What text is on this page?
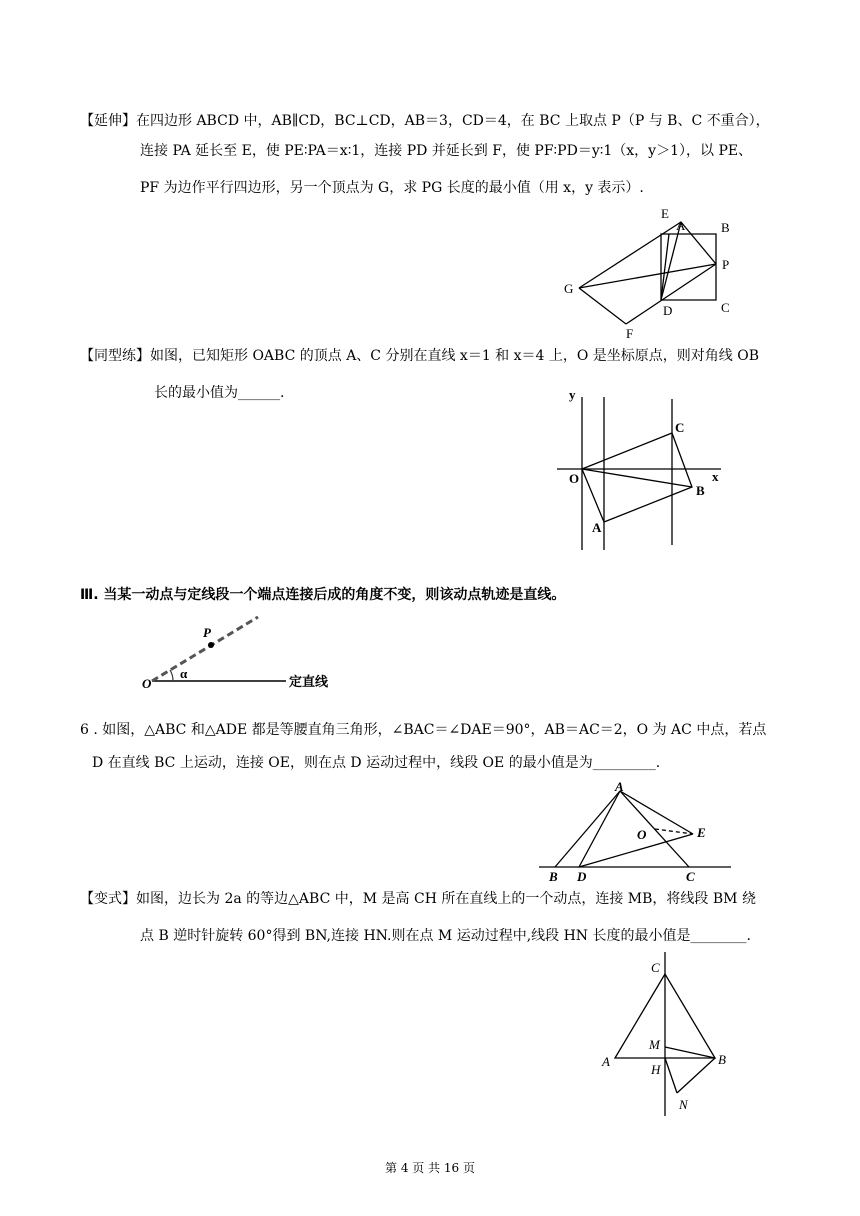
【延伸】在四边形 ABCD 中，AB∥CD，BC⊥CD，AB＝3，CD＝4，在 BC 上取点 P（P 与 B、C 不重合），
连接 PA 延长至 E，使 PE∶PA＝x∶1，连接 PD 并延长到 F，使 PF∶PD＝y∶1（x，y＞1），以 PE、
PF 为边作平行四边形，另一个顶点为 G，求 PG 长度的最小值（用 x，y 表示）.
E
A	B
P
G
D	C
F
【同型练】如图，已知矩形 OABC 的顶点 A、C 分别在直线 x＝1 和 x＝4 上，O 是坐标原点，则对角线 OB
长的最小值为______.	y
x
O
C
B
A
Ⅲ. 当某一动点与定线段一个端点连接后成的角度不变，则该动点轨迹是直线。
O
P
α
定直线
6 . 如图，△ABC 和△ADE 都是等腰直角三角形，∠BAC＝∠DAE＝90°，AB＝AC＝2，O 为 AC 中点，若点
D 在直线 BC 上运动，连接 OE，则在点 D 运动过程中，线段 OE 的最小值是为_________.
A
O	E
B D	C
【变式】如图，边长为 2a 的等边△ABC 中，M 是高 CH 所在直线上的一个动点，连接 MB，将线段 BM 绕
点 B 逆时针旋转 60°得到 BN,连接 HN.则在点 M 运动过程中,线段 HN 长度的最小值是________.
C
M
A
H
B
N
第 4 页 共 16 页
